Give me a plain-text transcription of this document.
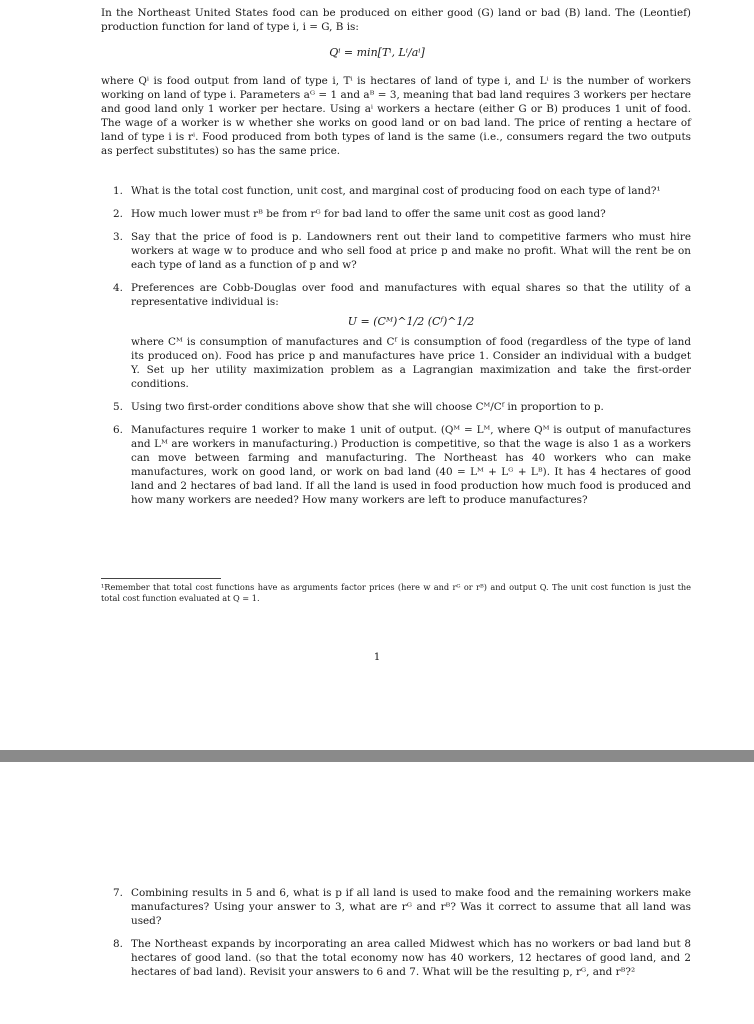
In the Northeast United States food can be produced on either good (G) land or bad (B) land. The (Leontief) production function for land of type i, i = G, B is:
Qⁱ = min[Tⁱ, Lⁱ/aⁱ]
where Qⁱ is food output from land of type i, Tⁱ is hectares of land of type i, and Lⁱ is the number of workers working on land of type i. Parameters aᴳ = 1 and aᴮ = 3, meaning that bad land requires 3 workers per hectare and good land only 1 worker per hectare. Using aⁱ workers a hectare (either G or B) produces 1 unit of food. The wage of a worker is w whether she works on good land or on bad land. The price of renting a hectare of land of type i is rⁱ. Food produced from both types of land is the same (i.e., consumers regard the two outputs as perfect substitutes) so has the same price.
1. What is the total cost function, unit cost, and marginal cost of producing food on each type of land?¹
2. How much lower must rᴮ be from rᴳ for bad land to offer the same unit cost as good land?
3. Say that the price of food is p. Landowners rent out their land to competitive farmers who must hire workers at wage w to produce and who sell food at price p and make no profit. What will the rent be on each type of land as a function of p and w?
4. Preferences are Cobb-Douglas over food and manufactures with equal shares so that the utility of a representative individual is:
U = (Cᴹ)^1/2 (Cᶠ)^1/2
where Cᴹ is consumption of manufactures and Cᶠ is consumption of food (regardless of the type of land its produced on). Food has price p and manufactures have price 1. Consider an individual with a budget Y. Set up her utility maximization problem as a Lagrangian maximization and take the first-order conditions.
5. Using two first-order conditions above show that she will choose Cᴹ/Cᶠ in proportion to p.
6. Manufactures require 1 worker to make 1 unit of output. (Qᴹ = Lᴹ, where Qᴹ is output of manufactures and Lᴹ are workers in manufacturing.) Production is competitive, so that the wage is also 1 as a workers can move between farming and manufacturing. The Northeast has 40 workers who can make manufactures, work on good land, or work on bad land (40 = Lᴹ + Lᴳ + Lᴮ). It has 4 hectares of good land and 2 hectares of bad land. If all the land is used in food production how much food is produced and how many workers are needed? How many workers are left to produce manufactures?
¹Remember that total cost functions have as arguments factor prices (here w and rᴳ or rᴮ) and output Q. The unit cost function is just the total cost function evaluated at Q = 1.
1
7. Combining results in 5 and 6, what is p if all land is used to make food and the remaining workers make manufactures? Using your answer to 3, what are rᴳ and rᴮ? Was it correct to assume that all land was used?
8. The Northeast expands by incorporating an area called Midwest which has no workers or bad land but 8 hectares of good land. (so that the total economy now has 40 workers, 12 hectares of good land, and 2 hectares of bad land). Revisit your answers to 6 and 7. What will be the resulting p, rᴳ, and rᴮ?²
